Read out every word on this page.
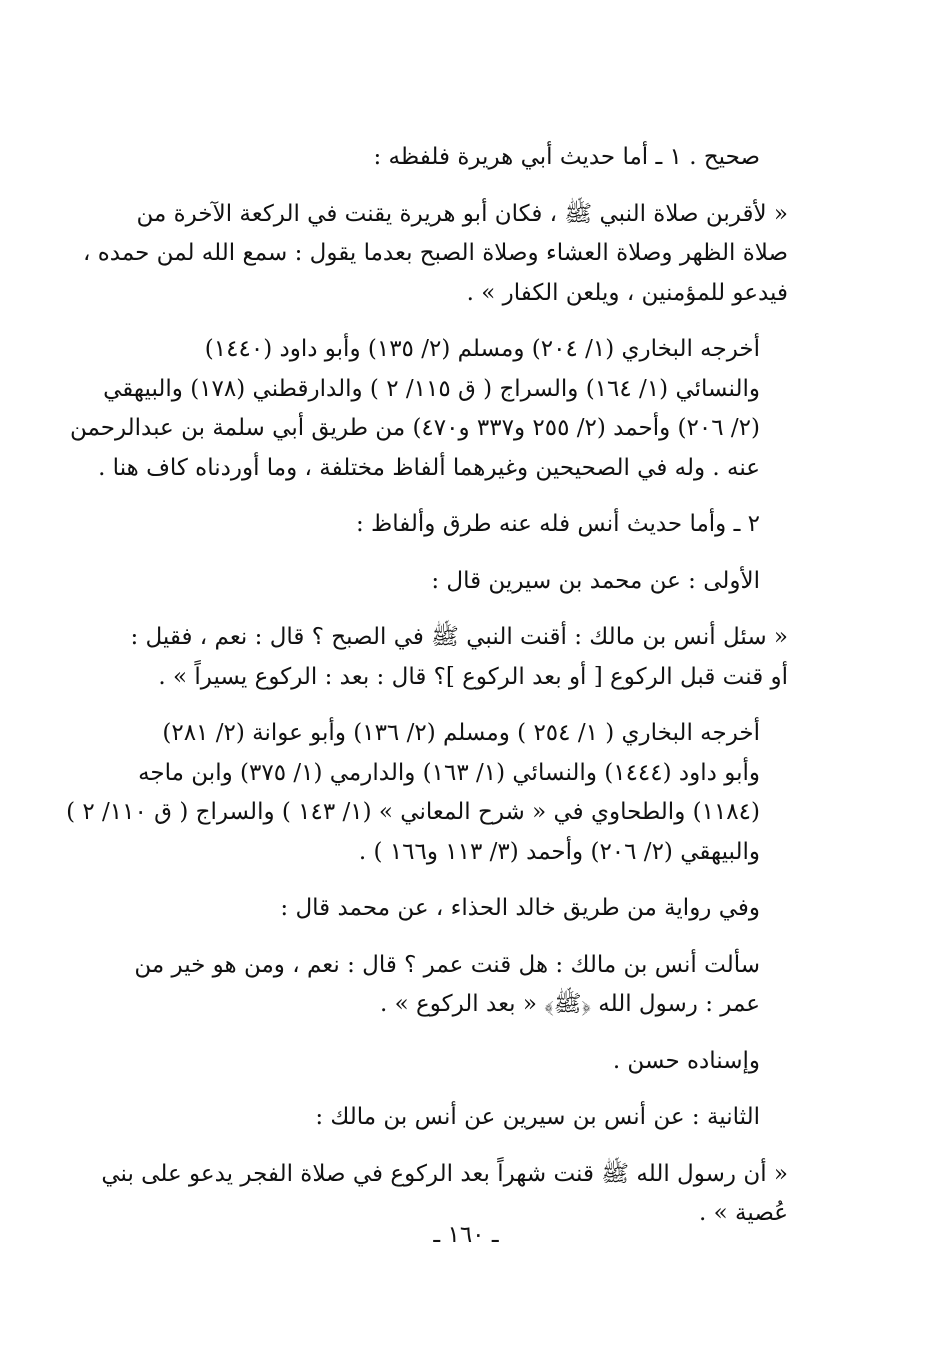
صحيح . ١ ـ أما حديث أبي هريرة فلفظه :
« لأقربن صلاة النبي ﷺ ، فكان أبو هريرة يقنت في الركعة الآخرة من
صلاة الظهر وصلاة العشاء وصلاة الصبح بعدما يقول : سمع الله لمن حمده ،
فيدعو للمؤمنين ، ويلعن الكفار » .
أخرجه البخاري (١/ ٢٠٤) ومسلم (٢/ ١٣٥) وأبو داود (١٤٤٠)
والنسائي (١/ ١٦٤) والسراج ( ق ١١٥/ ٢ ) والدارقطني (١٧٨) والبيهقي
(٢/ ٢٠٦) وأحمد (٢/ ٢٥٥ و٣٣٧ و٤٧٠) من طريق أبي سلمة بن عبدالرحمن
عنه . وله في الصحيحين وغيرهما ألفاظ مختلفة ، وما أوردناه كاف هنا .
٢ ـ وأما حديث أنس فله عنه طرق وألفاظ :
الأولى : عن محمد بن سيرين قال :
« سئل أنس بن مالك : أقنت النبي ﷺ في الصبح ؟ قال : نعم ، فقيل :
أو قنت قبل الركوع [ أو بعد الركوع ]؟ قال : بعد : الركوع يسيراً » .
أخرجه البخاري ( ١/ ٢٥٤ ) ومسلم (٢/ ١٣٦) وأبو عوانة (٢/ ٢٨١)
وأبو داود (١٤٤٤) والنسائي (١/ ١٦٣) والدارمي (١/ ٣٧٥) وابن ماجه
(١١٨٤) والطحاوي في « شرح المعاني » (١/ ١٤٣ ) والسراج ( ق ١١٠/ ٢ )
والبيهقي (٢/ ٢٠٦) وأحمد (٣/ ١١٣ و١٦٦ ) .
وفي رواية من طريق خالد الحذاء ، عن محمد قال :
سألت أنس بن مالك : هل قنت عمر ؟ قال : نعم ، ومن هو خير من
عمر : رسول الله ﴿ﷺ﴾ « بعد الركوع » .
وإسناده حسن .
الثانية : عن أنس بن سيرين عن أنس بن مالك :
« أن رسول الله ﷺ قنت شهراً بعد الركوع في صلاة الفجر يدعو على بني
عُصية » .
ـ ١٦٠ ـ
